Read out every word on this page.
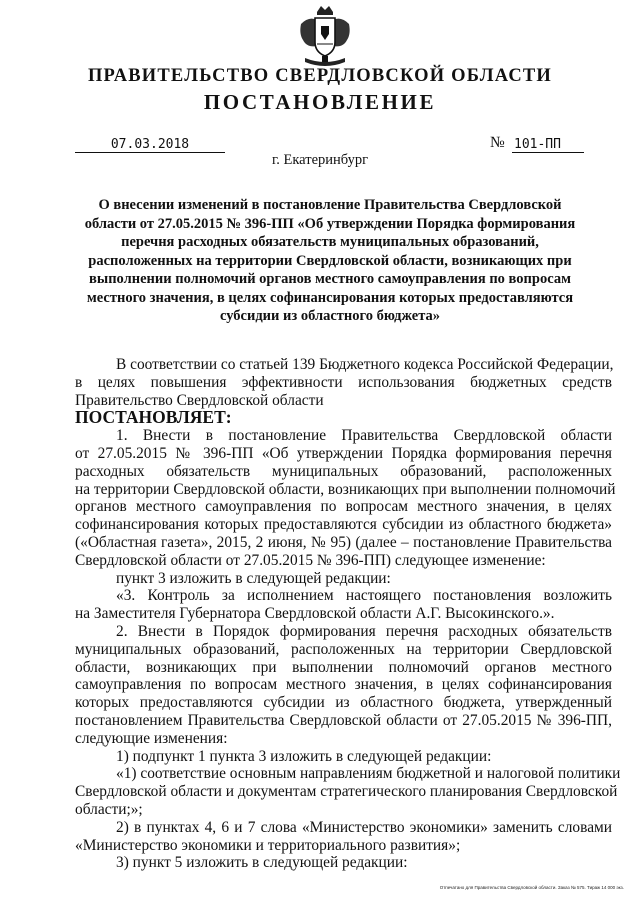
ПРАВИТЕЛЬСТВО СВЕРДЛОВСКОЙ ОБЛАСТИ
ПОСТАНОВЛЕНИЕ
07.03.2018	№ 101-ПП
г. Екатеринбург
О внесении изменений в постановление Правительства Свердловской
области от 27.05.2015 № 396-ПП «Об утверждении Порядка формирования
перечня расходных обязательств муниципальных образований,
расположенных на территории Свердловской области, возникающих при
выполнении полномочий органов местного самоуправления по вопросам
местного значения, в целях софинансирования которых предоставляются
субсидии из областного бюджета»
В соответствии со статьей 139 Бюджетного кодекса Российской Федерации,
в целях повышения эффективности использования бюджетных средств
Правительство Свердловской области
ПОСТАНОВЛЯЕТ:
1. Внести в постановление Правительства Свердловской области
от 27.05.2015 № 396-ПП «Об утверждении Порядка формирования перечня
расходных обязательств муниципальных образований, расположенных
на территории Свердловской области, возникающих при выполнении полномочий
органов местного самоуправления по вопросам местного значения, в целях
софинансирования которых предоставляются субсидии из областного бюджета»
(«Областная газета», 2015, 2 июня, № 95) (далее – постановление Правительства
Свердловской области от 27.05.2015 № 396-ПП) следующее изменение:
пункт 3 изложить в следующей редакции:
«3. Контроль за исполнением настоящего постановления возложить
на Заместителя Губернатора Свердловской области А.Г. Высокинского.».
2. Внести в Порядок формирования перечня расходных обязательств
муниципальных образований, расположенных на территории Свердловской
области, возникающих при выполнении полномочий органов местного
самоуправления по вопросам местного значения, в целях софинансирования
которых предоставляются субсидии из областного бюджета, утвержденный
постановлением Правительства Свердловской области от 27.05.2015 № 396-ПП,
следующие изменения:
1) подпункт 1 пункта 3 изложить в следующей редакции:
«1) соответствие основным направлениям бюджетной и налоговой политики
Свердловской области и документам стратегического планирования Свердловской
области;»;
2) в пунктах 4, 6 и 7 слова «Министерство экономики» заменить словами
«Министерство экономики и территориального развития»;
3) пункт 5 изложить в следующей редакции:
Отпечатано для Правительства Свердловской области. Заказ № 575. Тираж 14 000 экз.
